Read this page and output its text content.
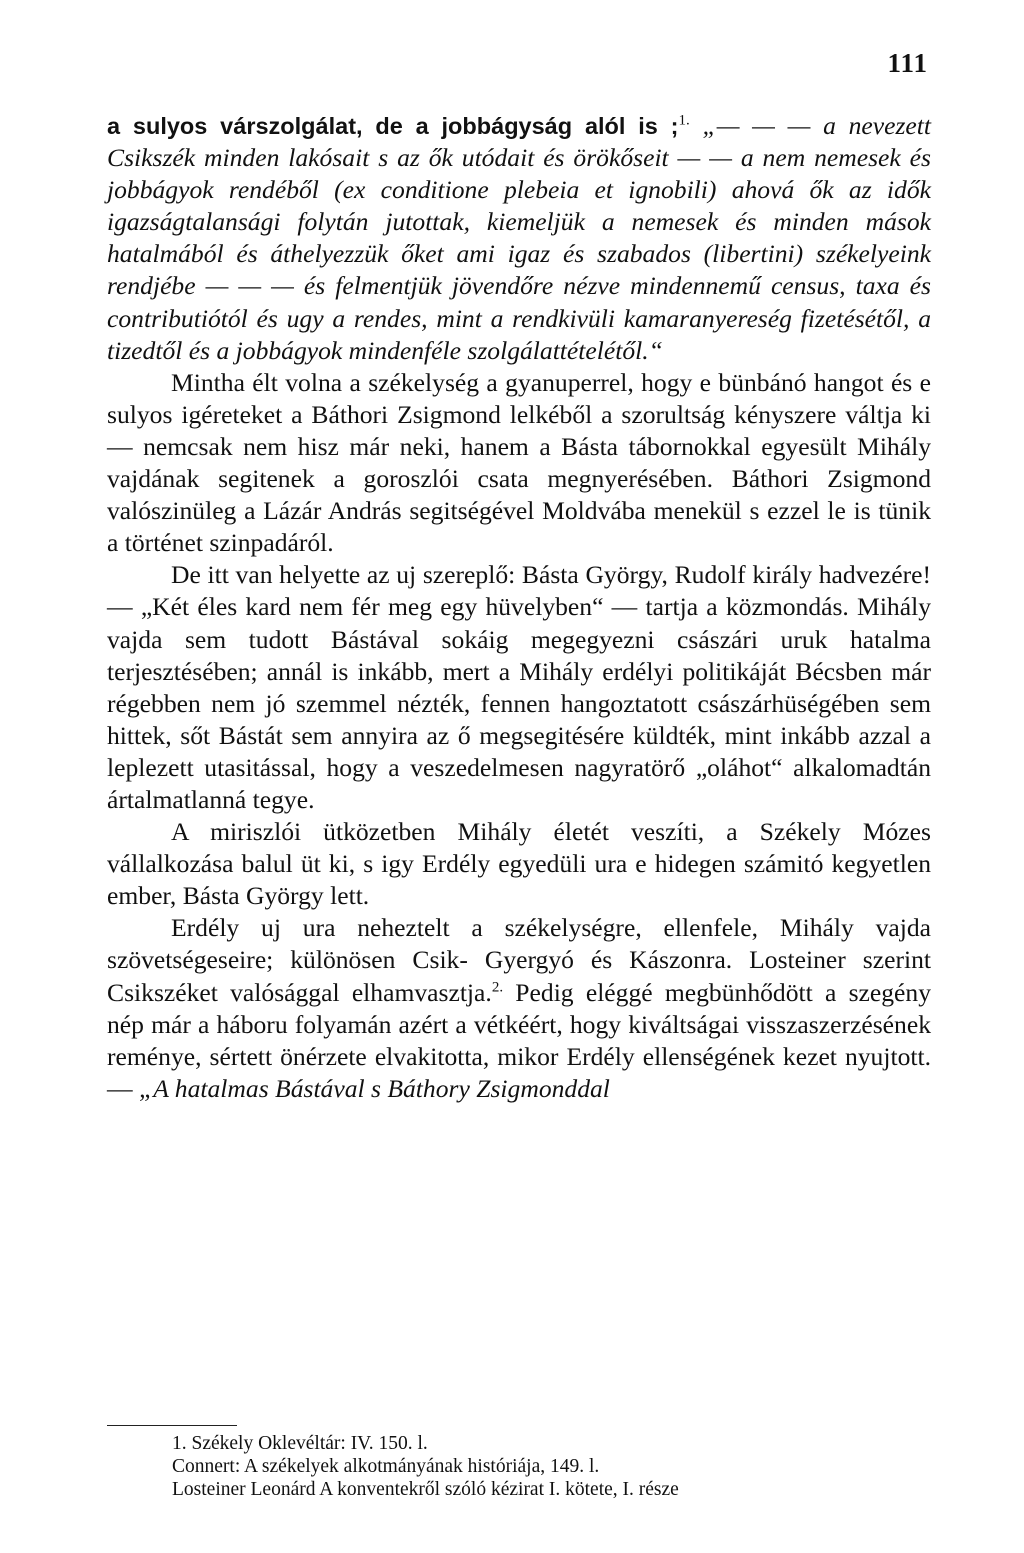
111

a sulyos várszolgálat, de a jobbágyság alól is ;$^{1.}$ „— — — a nevezett Csikszék minden lakósait s az ők utódait és örökőseit — — a nem nemesek és jobbágyok rendéből (ex conditione plebeia et ignobili) ahová ők az idők igazságtalansági folytán jutottak, kiemeljük a nemesek és minden mások hatalmából és áthelyezzük őket ami igaz és szabados (libertini) székelyeink rendjébe — — — és felmentjük jövendőre nézve mindennemű census, taxa és contributiótól és ugy a rendes, mint a rendkivüli kamaranyereség fizetésétől, a tizedtől és a jobbágyok mindenféle szolgálattételétől.“

Mintha élt volna a székelység a gyanuperrel, hogy e bünbánó hangot és e sulyos igéreteket a Báthori Zsigmond lelkéből a szorultság kényszere váltja ki — nemcsak nem hisz már neki, hanem a Básta tábornokkal egyesült Mihály vajdának segitenek a goroszlói csata megnyerésében. Báthori Zsigmond valószinüleg a Lázár András segitségével Moldvába menekül s ezzel le is tünik a történet szinpadáról.

De itt van helyette az uj szereplő: Básta György, Rudolf király hadvezére! — „Két éles kard nem fér meg egy hüvelyben“ — tartja a közmondás. Mihály vajda sem tudott Bástával sokáig megegyezni császári uruk hatalma terjesztésében; annál is inkább, mert a Mihály erdélyi politikáját Bécsben már régebben nem jó szemmel nézték, fennen hangoztatott császárhüségében sem hittek, sőt Bástát sem annyira az ő megsegitésére küldték, mint inkább azzal a leplezett utasitással, hogy a veszedelmesen nagyratörő „oláhot“ alkalomadtán ártalmatlanná tegye.

A miriszlói ütközetben Mihály életét veszíti, a Székely Mózes vállalkozása balul üt ki, s igy Erdély egyedüli ura e hidegen számitó kegyetlen ember, Básta György lett.

Erdély uj ura neheztelt a székelységre, ellenfele, Mihály vajda szövetségeseire; különösen Csik- Gyergyó és Kászonra. Losteiner szerint Csikszéket valósággal elhamvasztja.$^{2.}$ Pedig eléggé megbünhődött a szegény nép már a háboru folyamán azért a vétkéért, hogy kiváltságai visszaszerzésének reménye, sértett önérzete elvakitotta, mikor Erdély ellenségének kezet nyujtott. — „A hatalmas Bástával s Báthory Zsigmonddal

1. Székely Oklevéltár: IV. 150. l.
Connert: A székelyek alkotmányának históriája, 149. l.
Losteiner Leonárd A konventekről szóló kézirat I. kötete, I. része
